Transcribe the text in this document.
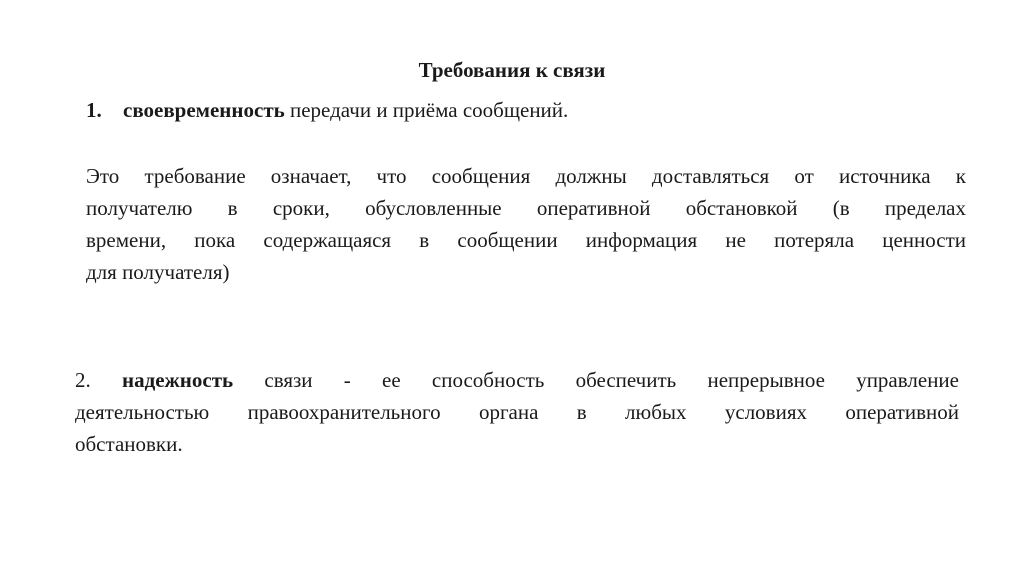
Требования к связи
1. своевременность передачи и приёма сообщений.
Это требование означает, что сообщения должны доставляться от источника к
получателю в сроки, обусловленные оперативной обстановкой (в пределах
времени, пока содержащаяся в сообщении информация не потеряла ценности
для получателя)
2. надежность связи - ее способность обеспечить непрерывное управление
деятельностью правоохранительного органа в любых условиях оперативной
обстановки.
